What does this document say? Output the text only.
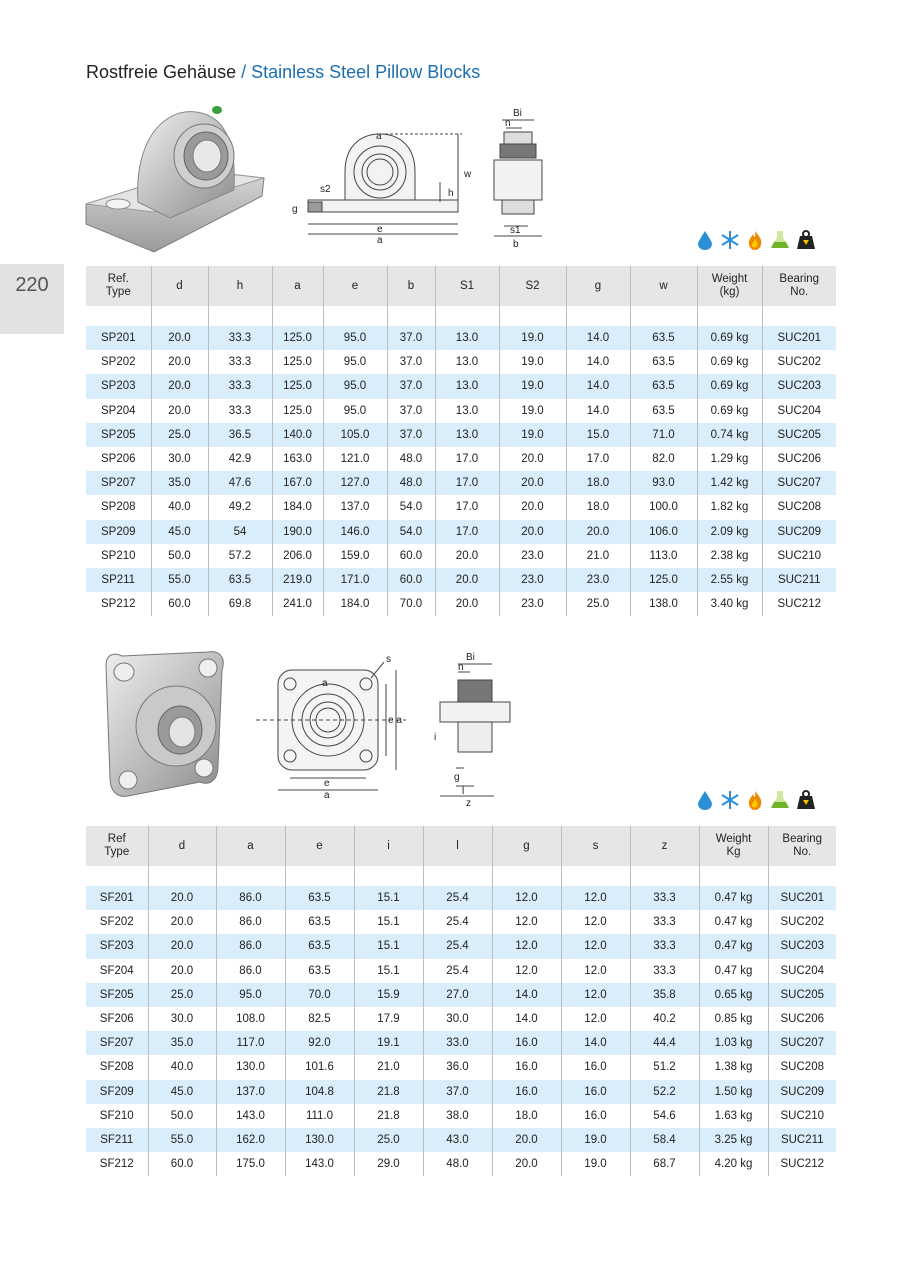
Rostfreie Gehäuse / Stainless Steel Pillow Blocks
220
a
w
h
s2
g
e
a
Bi
n
s1
b
Ref.
Type	d	h	a	e	b	S1	S2	g	w	Weight
(kg)	Bearing
No.

SP201	20.0	33.3	125.0	95.0	37.0	13.0	19.0	14.0	63.5	0.69 kg	SUC201
SP202	20.0	33.3	125.0	95.0	37.0	13.0	19.0	14.0	63.5	0.69 kg	SUC202
SP203	20.0	33.3	125.0	95.0	37.0	13.0	19.0	14.0	63.5	0.69 kg	SUC203
SP204	20.0	33.3	125.0	95.0	37.0	13.0	19.0	14.0	63.5	0.69 kg	SUC204
SP205	25.0	36.5	140.0	105.0	37.0	13.0	19.0	15.0	71.0	0.74 kg	SUC205
SP206	30.0	42.9	163.0	121.0	48.0	17.0	20.0	17.0	82.0	1.29 kg	SUC206
SP207	35.0	47.6	167.0	127.0	48.0	17.0	20.0	18.0	93.0	1.42 kg	SUC207
SP208	40.0	49.2	184.0	137.0	54.0	17.0	20.0	18.0	100.0	1.82 kg	SUC208
SP209	45.0	54	190.0	146.0	54.0	17.0	20.0	20.0	106.0	2.09 kg	SUC209
SP210	50.0	57.2	206.0	159.0	60.0	20.0	23.0	21.0	113.0	2.38 kg	SUC210
SP211	55.0	63.5	219.0	171.0	60.0	20.0	23.0	23.0	125.0	2.55 kg	SUC211
SP212	60.0	69.8	241.0	184.0	70.0	20.0	23.0	25.0	138.0	3.40 kg	SUC212
s
a
e a
e
a
Bi
n
i
g
l
z
Ref
Type	d	a	e	i	l	g	s	z	Weight
Kg	Bearing
No.

SF201	20.0	86.0	63.5	15.1	25.4	12.0	12.0	33.3	0.47 kg	SUC201
SF202	20.0	86.0	63.5	15.1	25.4	12.0	12.0	33.3	0.47 kg	SUC202
SF203	20.0	86.0	63.5	15.1	25.4	12.0	12.0	33.3	0.47 kg	SUC203
SF204	20.0	86.0	63.5	15.1	25.4	12.0	12.0	33.3	0.47 kg	SUC204
SF205	25.0	95.0	70.0	15.9	27.0	14.0	12.0	35.8	0.65 kg	SUC205
SF206	30.0	108.0	82.5	17.9	30.0	14.0	12.0	40.2	0.85 kg	SUC206
SF207	35.0	117.0	92.0	19.1	33.0	16.0	14.0	44.4	1.03 kg	SUC207
SF208	40.0	130.0	101.6	21.0	36.0	16.0	16.0	51.2	1.38 kg	SUC208
SF209	45.0	137.0	104.8	21.8	37.0	16.0	16.0	52.2	1.50 kg	SUC209
SF210	50.0	143.0	111.0	21.8	38.0	18.0	16.0	54.6	1.63 kg	SUC210
SF211	55.0	162.0	130.0	25.0	43.0	20.0	19.0	58.4	3.25 kg	SUC211
SF212	60.0	175.0	143.0	29.0	48.0	20.0	19.0	68.7	4.20 kg	SUC212
